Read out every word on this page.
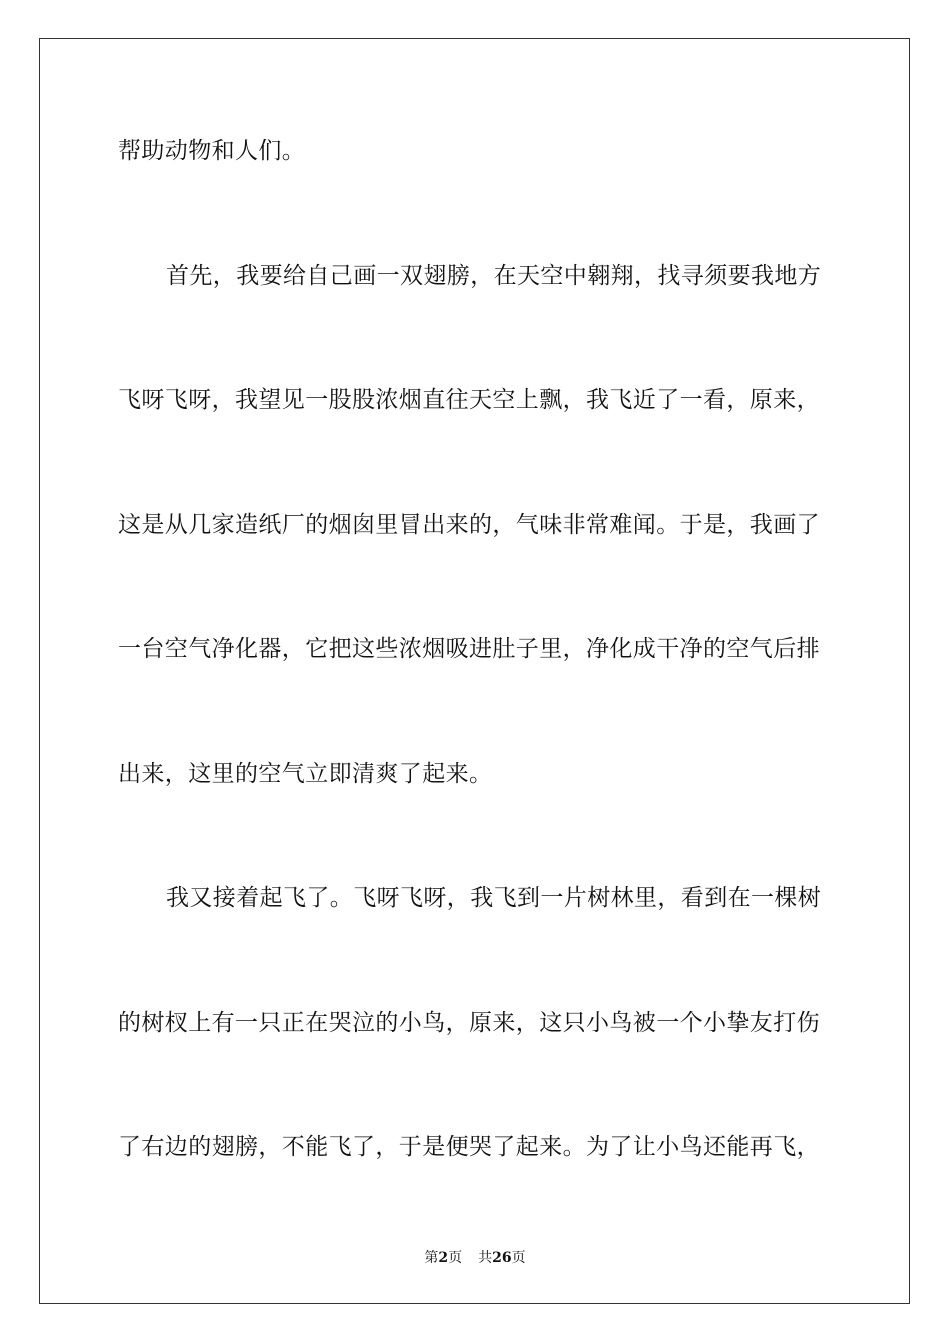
帮助动物和人们。
首先，我要给自己画一双翅膀，在天空中翱翔，找寻须要我地方
飞呀飞呀，我望见一股股浓烟直往天空上飘，我飞近了一看，原来，
这是从几家造纸厂的烟囱里冒出来的，气味非常难闻。于是，我画了
一台空气净化器，它把这些浓烟吸进肚子里，净化成干净的空气后排
出来，这里的空气立即清爽了起来。
我又接着起飞了。飞呀飞呀，我飞到一片树林里，看到在一棵树
的树杈上有一只正在哭泣的小鸟，原来，这只小鸟被一个小挚友打伤
了右边的翅膀，不能飞了，于是便哭了起来。为了让小鸟还能再飞，
第2页 共26页
